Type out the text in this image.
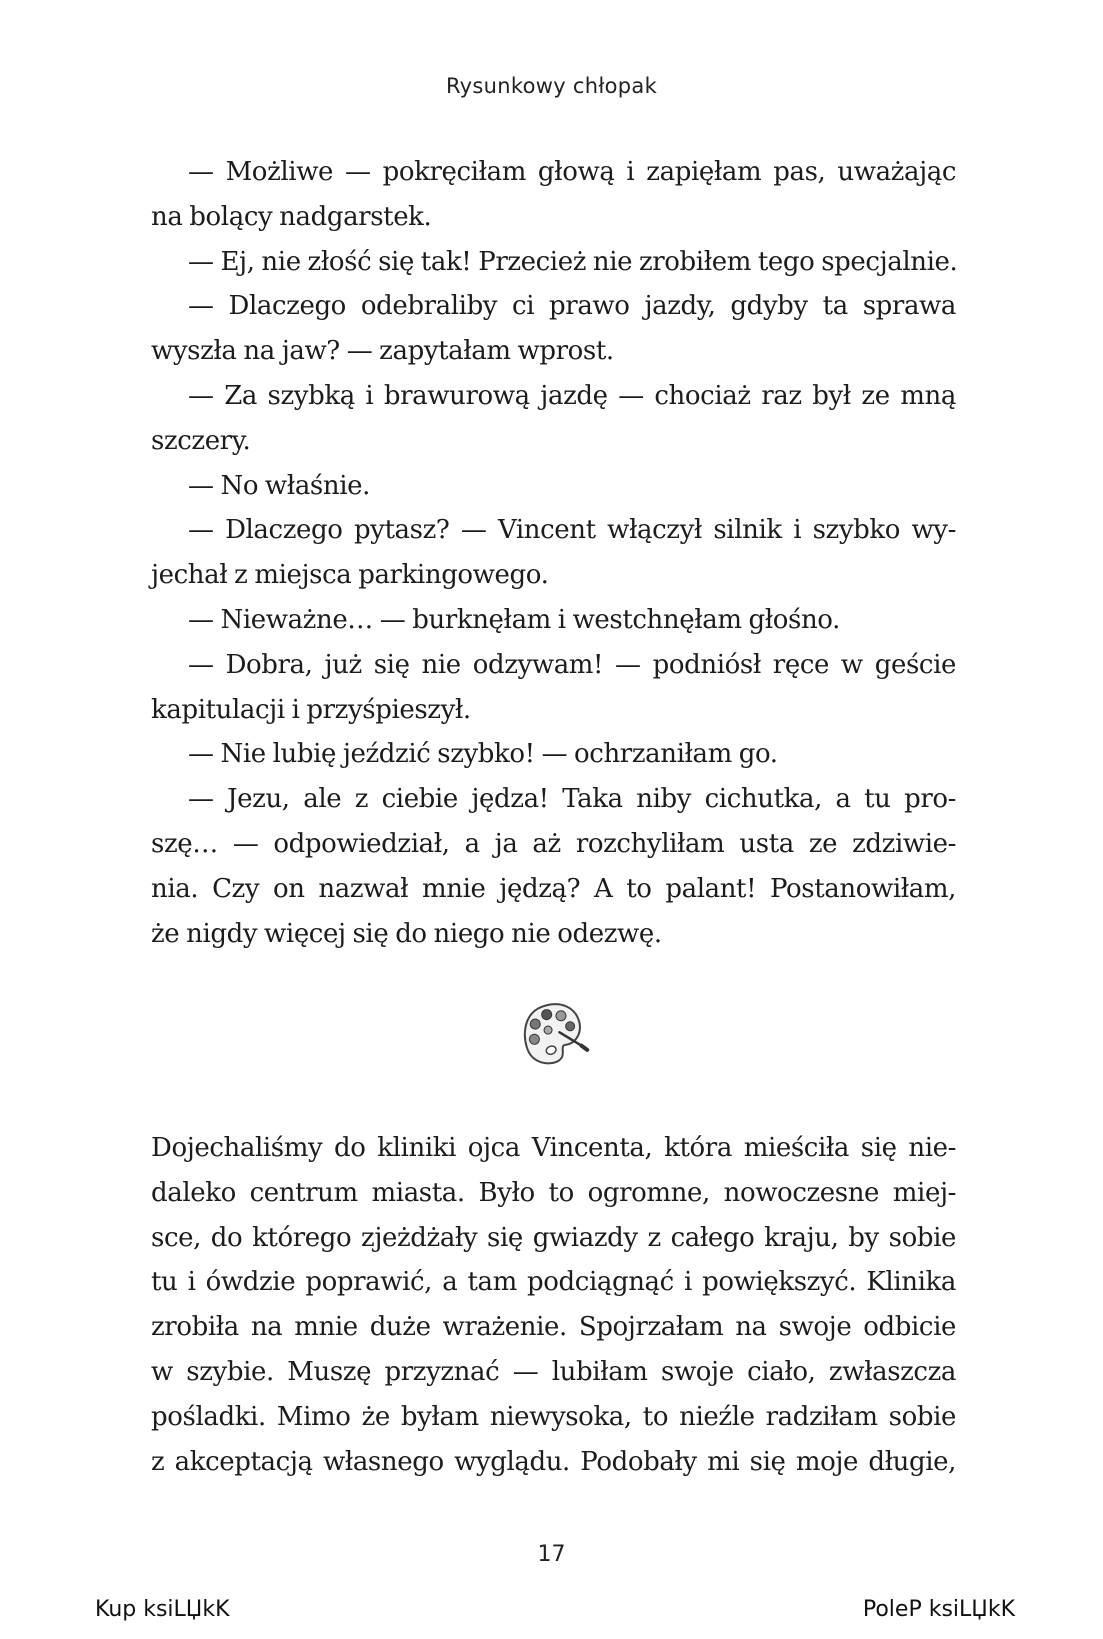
Rysunkowy chłopak
— Możliwe — pokręciłam głową i zapięłam pas, uważając
na bolący nadgarstek.
— Ej, nie złość się tak! Przecież nie zrobiłem tego specjalnie.
— Dlaczego odebraliby ci prawo jazdy, gdyby ta sprawa
wyszła na jaw? — zapytałam wprost.
— Za szybką i brawurową jazdę — chociaż raz był ze mną
szczery.
— No właśnie.
— Dlaczego pytasz? — Vincent włączył silnik i szybko wy-
jechał z miejsca parkingowego.
— Nieważne… — burknęłam i westchnęłam głośno.
— Dobra, już się nie odzywam! — podniósł ręce w geście
kapitulacji i przyśpieszył.
— Nie lubię jeździć szybko! — ochrzaniłam go.
— Jezu, ale z ciebie jędza! Taka niby cichutka, a tu pro-
szę… — odpowiedział, a ja aż rozchyliłam usta ze zdziwie-
nia. Czy on nazwał mnie jędzą? A to palant! Postanowiłam,
że nigdy więcej się do niego nie odezwę.
Dojechaliśmy do kliniki ojca Vincenta, która mieściła się nie-
daleko centrum miasta. Było to ogromne, nowoczesne miej-
sce, do którego zjeżdżały się gwiazdy z całego kraju, by sobie
tu i ówdzie poprawić, a tam podciągnąć i powiększyć. Klinika
zrobiła na mnie duże wrażenie. Spojrzałam na swoje odbicie
w szybie. Muszę przyznać — lubiłam swoje ciało, zwłaszcza
pośladki. Mimo że byłam niewysoka, to nieźle radziłam sobie
z akceptacją własnego wyglądu. Podobały mi się moje długie,
17
Kup ksiLЏkK	PoleP ksiLЏkK
